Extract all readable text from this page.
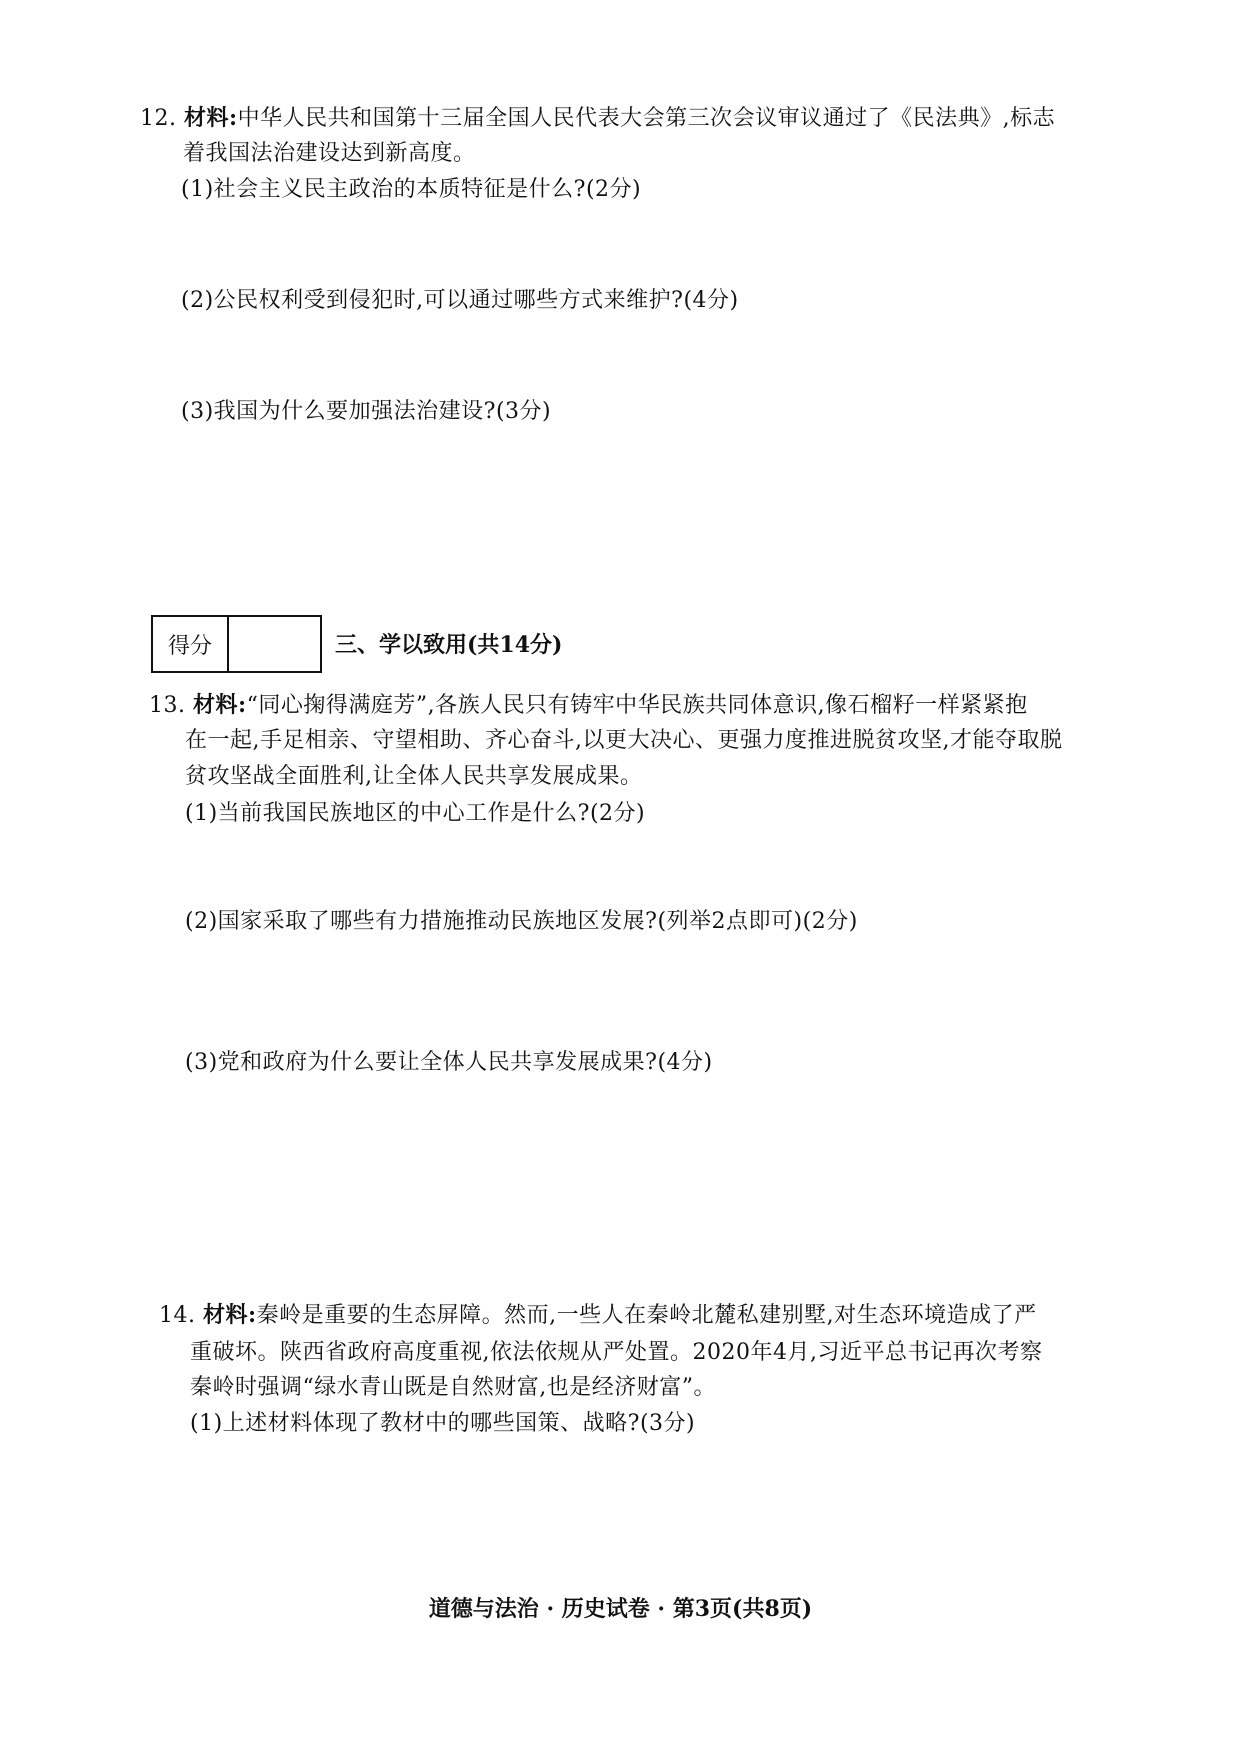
12. 材料:中华人民共和国第十三届全国人民代表大会第三次会议审议通过了《民法典》,标志
着我国法治建设达到新高度。
(1)社会主义民主政治的本质特征是什么?(2分)
(2)公民权利受到侵犯时,可以通过哪些方式来维护?(4分)
(3)我国为什么要加强法治建设?(3分)
得分	三、学以致用(共14分)
13. 材料:“同心掬得满庭芳”,各族人民只有铸牢中华民族共同体意识,像石榴籽一样紧紧抱
在一起,手足相亲、守望相助、齐心奋斗,以更大决心、更强力度推进脱贫攻坚,才能夺取脱
贫攻坚战全面胜利,让全体人民共享发展成果。
(1)当前我国民族地区的中心工作是什么?(2分)
(2)国家采取了哪些有力措施推动民族地区发展?(列举2点即可)(2分)
(3)党和政府为什么要让全体人民共享发展成果?(4分)
14. 材料:秦岭是重要的生态屏障。然而,一些人在秦岭北麓私建别墅,对生态环境造成了严
重破坏。陕西省政府高度重视,依法依规从严处置。2020年4月,习近平总书记再次考察
秦岭时强调“绿水青山既是自然财富,也是经济财富”。
(1)上述材料体现了教材中的哪些国策、战略?(3分)
道德与法治 · 历史试卷 · 第3页(共8页)
